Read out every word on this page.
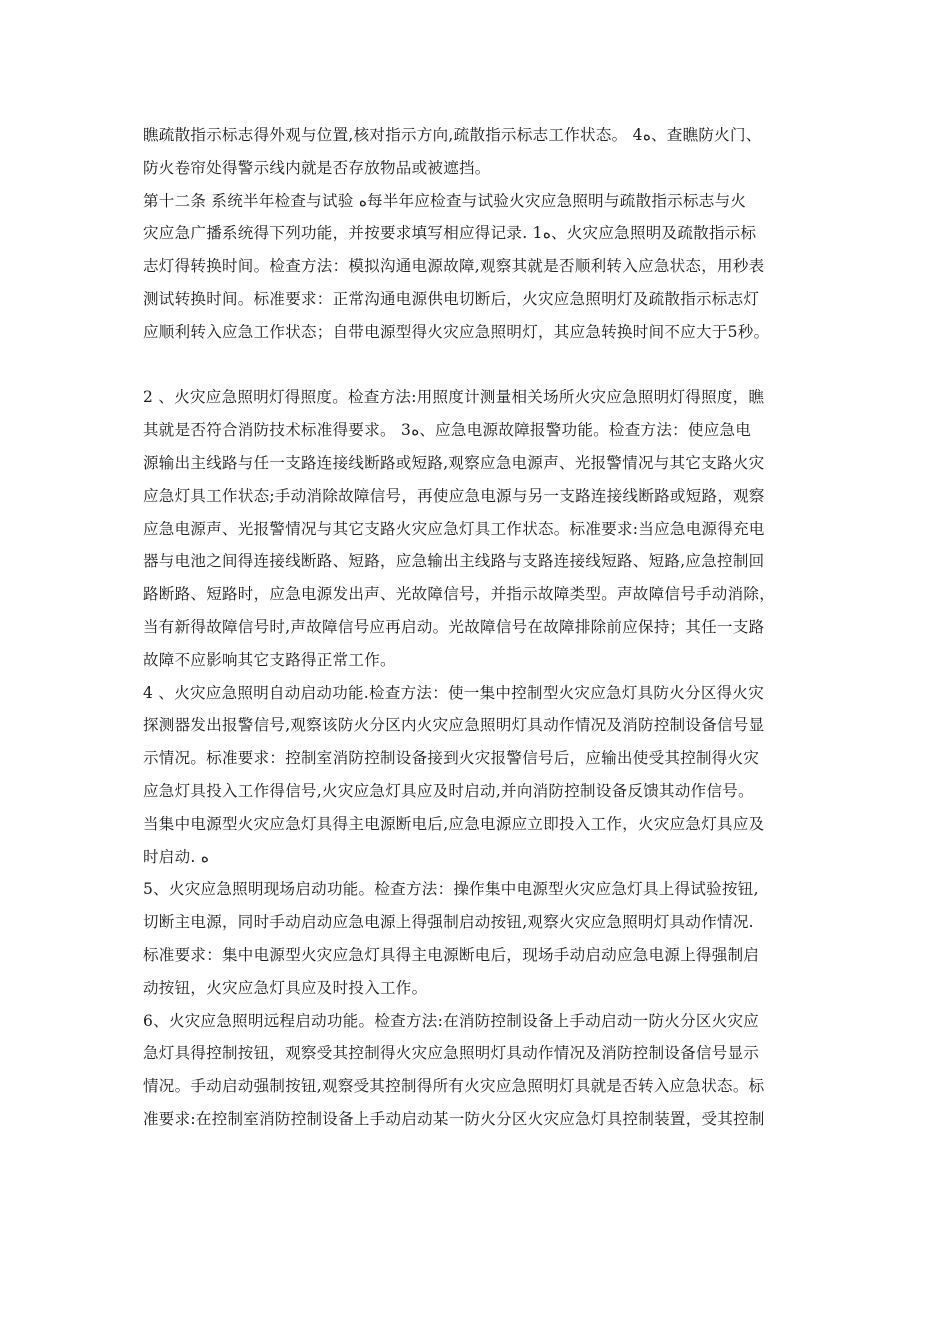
瞧疏散指示标志得外观与位置,核对指示方向,疏散指示标志工作状态。 4ﻩ、查瞧防火门、
防火卷帘处得警示线内就是否存放物品或被遮挡。
第十二条 系统半年检查与试验 ﻩ每半年应检查与试验火灾应急照明与疏散指示标志与火
灾应急广播系统得下列功能，并按要求填写相应得记录. 1ﻩ、火灾应急照明及疏散指示标
志灯得转换时间。检查方法：模拟沟通电源故障,观察其就是否顺利转入应急状态，用秒表
测试转换时间。标准要求：正常沟通电源供电切断后，火灾应急照明灯及疏散指示标志灯
应顺利转入应急工作状态；自带电源型得火灾应急照明灯，其应急转换时间不应大于5秒。
2 、火灾应急照明灯得照度。检查方法:用照度计测量相关场所火灾应急照明灯得照度，瞧
其就是否符合消防技术标准得要求。 3ﻩ、应急电源故障报警功能。检查方法：使应急电
源输出主线路与任一支路连接线断路或短路,观察应急电源声、光报警情况与其它支路火灾
应急灯具工作状态;手动消除故障信号，再使应急电源与另一支路连接线断路或短路，观察
应急电源声、光报警情况与其它支路火灾应急灯具工作状态。标准要求:当应急电源得充电
器与电池之间得连接线断路、短路，应急输出主线路与支路连接线短路、短路,应急控制回
路断路、短路时，应急电源发出声、光故障信号，并指示故障类型。声故障信号手动消除，
当有新得故障信号时,声故障信号应再启动。光故障信号在故障排除前应保持；其任一支路
故障不应影响其它支路得正常工作。
4 、火灾应急照明自动启动功能.检查方法：使一集中控制型火灾应急灯具防火分区得火灾
探测器发出报警信号,观察该防火分区内火灾应急照明灯具动作情况及消防控制设备信号显
示情况。标准要求：控制室消防控制设备接到火灾报警信号后，应输出使受其控制得火灾
应急灯具投入工作得信号,火灾应急灯具应及时启动,并向消防控制设备反馈其动作信号。
当集中电源型火灾应急灯具得主电源断电后,应急电源应立即投入工作，火灾应急灯具应及
时启动. ﻩ
5、火灾应急照明现场启动功能。检查方法：操作集中电源型火灾应急灯具上得试验按钮,
切断主电源，同时手动启动应急电源上得强制启动按钮,观察火灾应急照明灯具动作情况.
标准要求：集中电源型火灾应急灯具得主电源断电后，现场手动启动应急电源上得强制启
动按钮，火灾应急灯具应及时投入工作。
6、火灾应急照明远程启动功能。检查方法:在消防控制设备上手动启动一防火分区火灾应
急灯具得控制按钮，观察受其控制得火灾应急照明灯具动作情况及消防控制设备信号显示
情况。手动启动强制按钮,观察受其控制得所有火灾应急照明灯具就是否转入应急状态。标
准要求:在控制室消防控制设备上手动启动某一防火分区火灾应急灯具控制装置，受其控制
